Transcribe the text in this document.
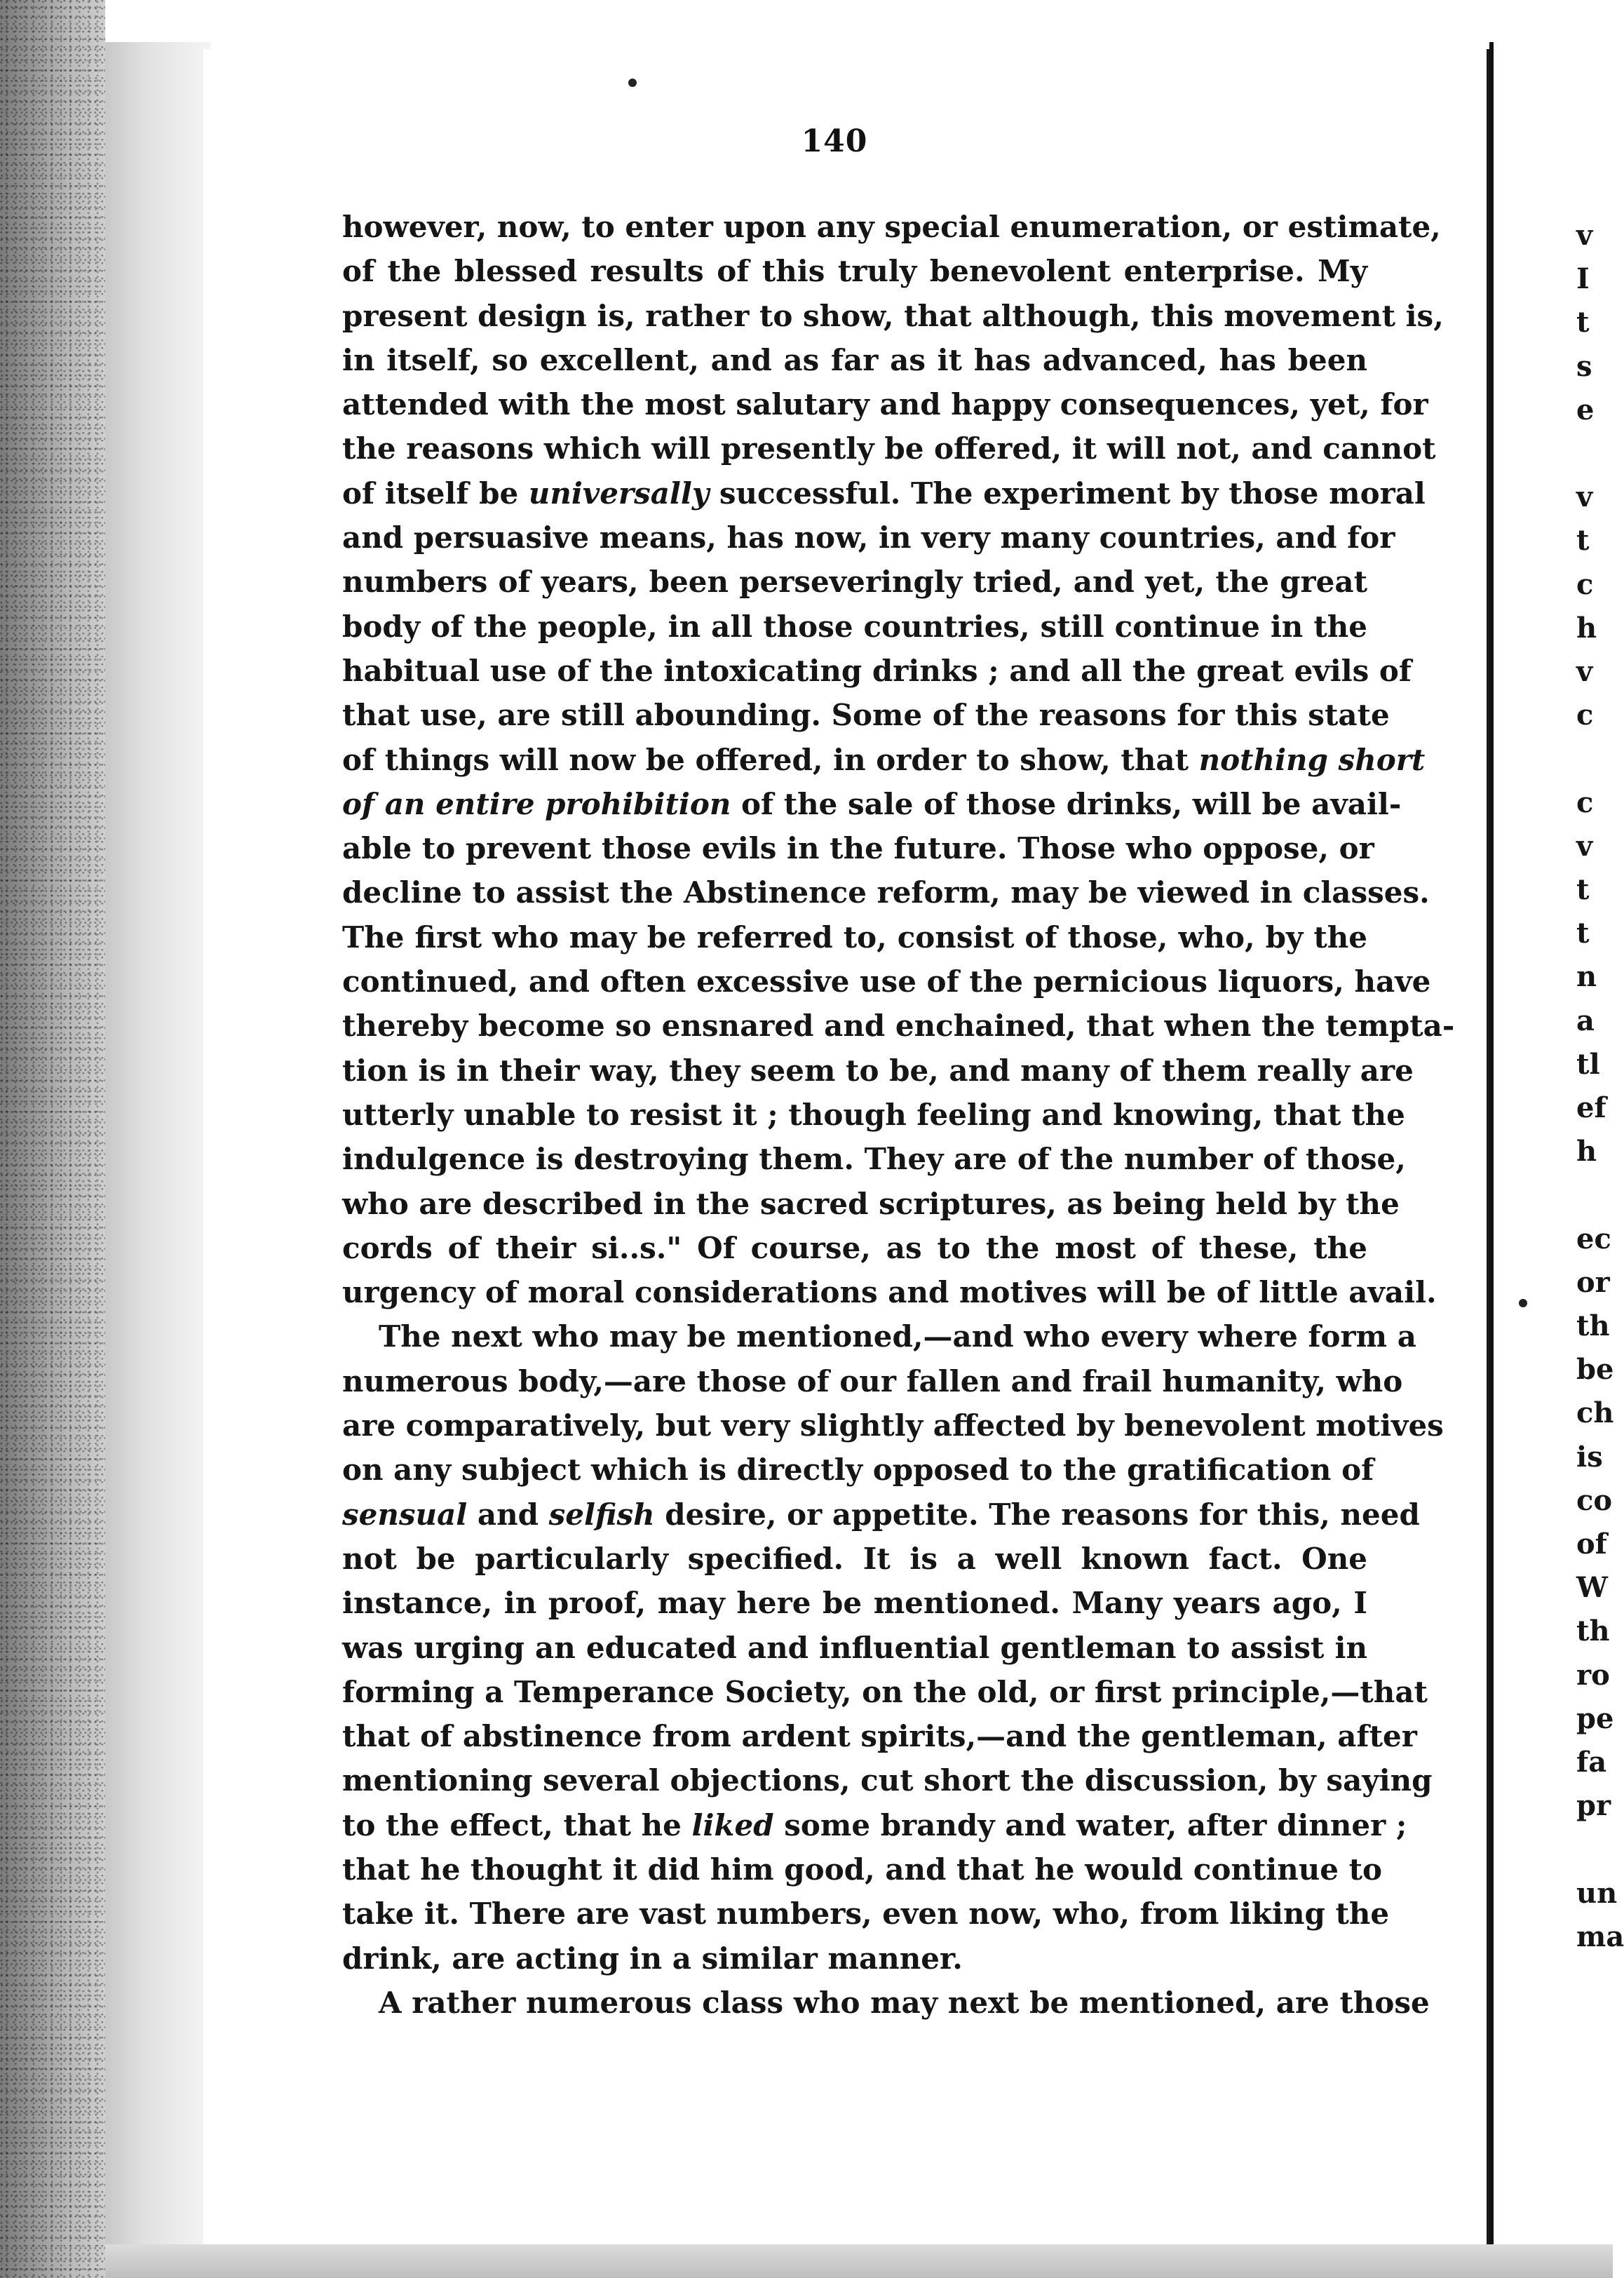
140
however, now, to enter upon any special enumeration, or estimate,
of the blessed results of this truly benevolent enterprise. My
present design is, rather to show, that although, this movement is,
in itself, so excellent, and as far as it has advanced, has been
attended with the most salutary and happy consequences, yet, for
the reasons which will presently be offered, it will not, and cannot
of itself be universally successful. The experiment by those moral
and persuasive means, has now, in very many countries, and for
numbers of years, been perseveringly tried, and yet, the great
body of the people, in all those countries, still continue in the
habitual use of the intoxicating drinks ; and all the great evils of
that use, are still abounding. Some of the reasons for this state
of things will now be offered, in order to show, that nothing short
of an entire prohibition of the sale of those drinks, will be avail-
able to prevent those evils in the future. Those who oppose, or
decline to assist the Abstinence reform, may be viewed in classes.
The first who may be referred to, consist of those, who, by the
continued, and often excessive use of the pernicious liquors, have
thereby become so ensnared and enchained, that when the tempta-
tion is in their way, they seem to be, and many of them really are
utterly unable to resist it ; though feeling and knowing, that the
indulgence is destroying them. They are of the number of those,
who are described in the sacred scriptures, as being held by the
cords of their si..s." Of course, as to the most of these, the
urgency of moral considerations and motives will be of little avail.
The next who may be mentioned,—and who every where form a
numerous body,—are those of our fallen and frail humanity, who
are comparatively, but very slightly affected by benevolent motives
on any subject which is directly opposed to the gratification of
sensual and selfish desire, or appetite. The reasons for this, need
not be particularly specified. It is a well known fact. One
instance, in proof, may here be mentioned. Many years ago, I
was urging an educated and influential gentleman to assist in
forming a Temperance Society, on the old, or first principle,—that
that of abstinence from ardent spirits,—and the gentleman, after
mentioning several objections, cut short the discussion, by saying
to the effect, that he liked some brandy and water, after dinner ;
that he thought it did him good, and that he would continue to
take it. There are vast numbers, even now, who, from liking the
drink, are acting in a similar manner.
A rather numerous class who may next be mentioned, are those
v
I
t
s
e
v
t
c
h
v
c
c
v
t
t
n
a
tl
ef
h
ec
or
th
be
ch
is
co
of
W
th
ro
pe
fa
pr
un
ma
